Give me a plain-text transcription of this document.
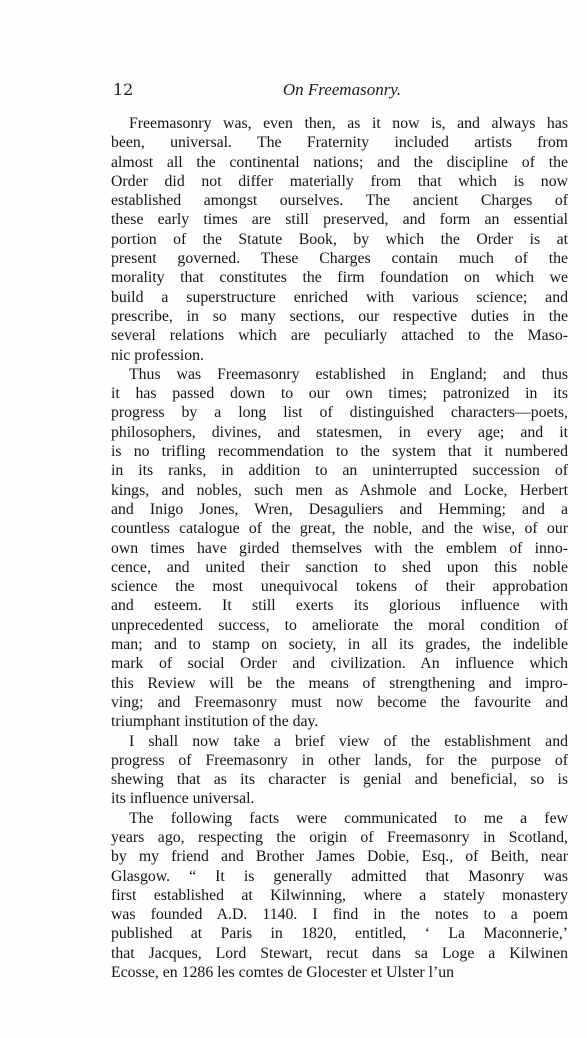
12	On Freemasonry.
Freemasonry was, even then, as it now is, and always has
been, universal. The Fraternity included artists from
almost all the continental nations; and the discipline of the
Order did not differ materially from that which is now
established amongst ourselves. The ancient Charges of
these early times are still preserved, and form an essential
portion of the Statute Book, by which the Order is at
present governed. These Charges contain much of the
morality that constitutes the firm foundation on which we
build a superstructure enriched with various science; and
prescribe, in so many sections, our respective duties in the
several relations which are peculiarly attached to the Maso-
nic profession.
Thus was Freemasonry established in England; and thus
it has passed down to our own times; patronized in its
progress by a long list of distinguished characters—poets,
philosophers, divines, and statesmen, in every age; and it
is no trifling recommendation to the system that it numbered
in its ranks, in addition to an uninterrupted succession of
kings, and nobles, such men as Ashmole and Locke, Herbert
and Inigo Jones, Wren, Desaguliers and Hemming; and a
countless catalogue of the great, the noble, and the wise, of our
own times have girded themselves with the emblem of inno-
cence, and united their sanction to shed upon this noble
science the most unequivocal tokens of their approbation
and esteem. It still exerts its glorious influence with
unprecedented success, to ameliorate the moral condition of
man; and to stamp on society, in all its grades, the indelible
mark of social Order and civilization. An influence which
this Review will be the means of strengthening and impro-
ving; and Freemasonry must now become the favourite and
triumphant institution of the day.
I shall now take a brief view of the establishment and
progress of Freemasonry in other lands, for the purpose of
shewing that as its character is genial and beneficial, so is
its influence universal.
The following facts were communicated to me a few
years ago, respecting the origin of Freemasonry in Scotland,
by my friend and Brother James Dobie, Esq., of Beith, near
Glasgow. “ It is generally admitted that Masonry was
first established at Kilwinning, where a stately monastery
was founded A.D. 1140. I find in the notes to a poem
published at Paris in 1820, entitled, ‘ La Maconnerie,’
that Jacques, Lord Stewart, recut dans sa Loge a Kilwinen
Ecosse, en 1286 les comtes de Glocester et Ulster l’un
